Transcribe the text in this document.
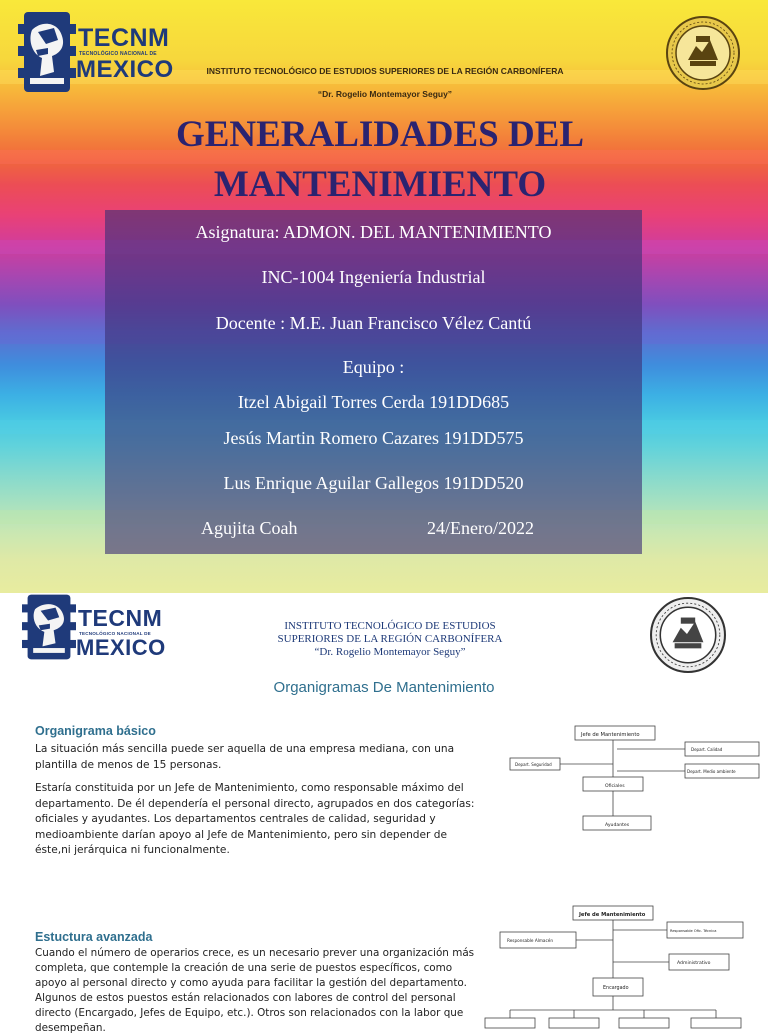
TECNM
TECNOLÓGICO NACIONAL DE
MEXICO	INSTITUTO TECNOLÓGICO DE ESTUDIOS SUPERIORES DE LA REGIÓN CARBONÍFERA
“Dr. Rogelio Montemayor Seguy”
GENERALIDADES DEL
MANTENIMIENTO
Asignatura: ADMON. DEL MANTENIMIENTO
INC-1004 Ingeniería Industrial
Docente : M.E. Juan Francisco Vélez Cantú
Equipo :
Itzel Abigail Torres Cerda 191DD685
Jesús Martin Romero Cazares 191DD575
Lus Enrique Aguilar Gallegos 191DD520
Agujita Coah	24/Enero/2022
TECNM
TECNOLÓGICO NACIONAL DE
MEXICO
INSTITUTO TECNOLÓGICO DE ESTUDIOS
SUPERIORES DE LA REGIÓN CARBONÍFERA
“Dr. Rogelio Montemayor Seguy”
Organigramas De Mantenimiento
Organigrama básico

La situación más sencilla puede ser aquella de una empresa mediana, con una plantilla de menos de 15 personas.

Estaría constituida por un Jefe de Mantenimiento, como responsable máximo del departamento. De él dependería el personal directo, agrupados en dos categorías: oficiales y ayudantes. Los departamentos centrales de calidad, seguridad y medioambiente darían apoyo al Jefe de Mantenimiento, pero sin depender de éste,ni jerárquica ni funcionalmente.

Estuctura avanzada

Cuando el número de operarios crece, es un necesario prever una organización más completa, que contemple la creación de una serie de puestos específicos, como apoyo al personal directo y como ayuda para facilitar la gestión del departamento. Algunos de estos puestos están relacionados con labores de control del personal directo (Encargado, Jefes de Equipo, etc.). Otros son relacionados con la labor que desempeñan.

Jefe de Mantenimiento
Depart. Calidad
Depart. Seguridad
Depart. Medio ambiente
Oficiales
Ayudantes
Jefe de Mantenimiento
Responsable Ofic. Técnica
Responsable Almacén
Administrativo
Encargado
